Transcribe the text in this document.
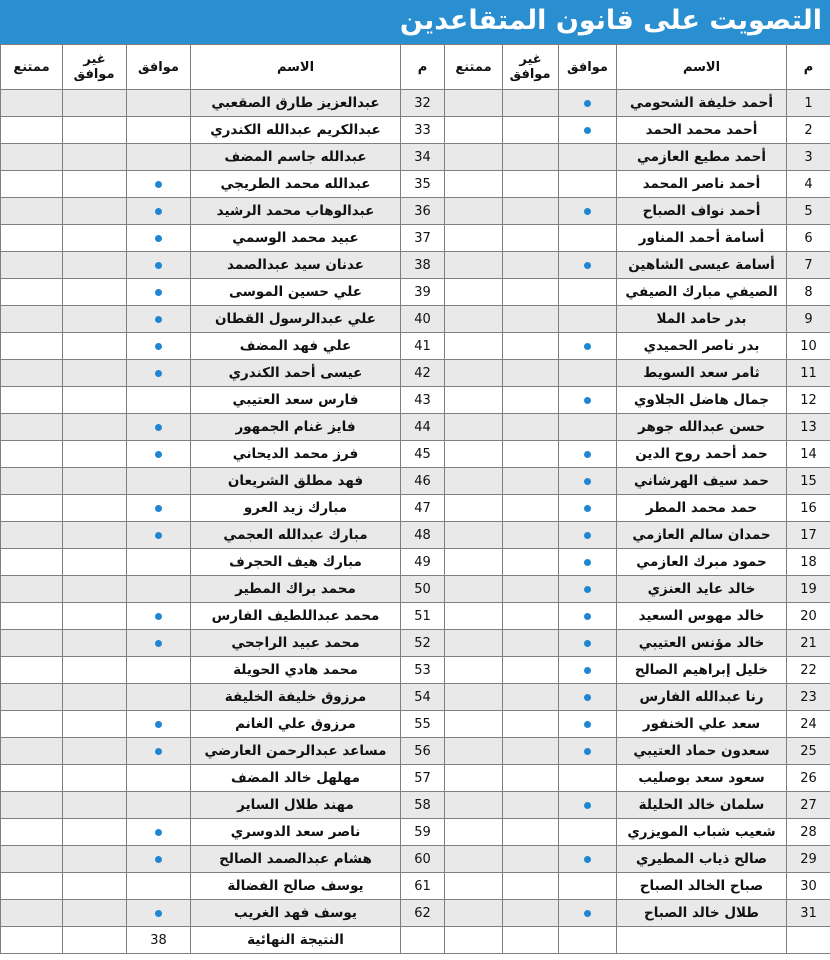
التصويت على قانون المتقاعدين
م	الاسم	موافق	غير موافق	ممتنع	م	الاسم	موافق	غير موافق	ممتنع
1	أحمد خليفة الشحومي				32	عبدالعزيز طارق الصقعبي			
2	أحمد محمد الحمد				33	عبدالكريم عبدالله الكندري			
3	أحمد مطيع العازمي				34	عبدالله جاسم المضف			
4	أحمد ناصر المحمد				35	عبدالله محمد الطريجي			
5	أحمد نواف الصباح				36	عبدالوهاب محمد الرشيد			
6	أسامة أحمد المناور				37	عبيد محمد الوسمي			
7	أسامة عيسى الشاهين				38	عدنان سيد عبدالصمد			
8	الصيفي مبارك الصيفي				39	علي حسين الموسى			
9	بدر حامد الملا				40	علي عبدالرسول القطان			
10	بدر ناصر الحميدي				41	علي فهد المضف			
11	ثامر سعد السويط				42	عيسى أحمد الكندري			
12	جمال هاضل الجلاوي				43	فارس سعد العتيبي			
13	حسن عبدالله جوهر				44	فايز غنام الجمهور			
14	حمد أحمد روح الدين				45	فرز محمد الديحاني			
15	حمد سيف الهرشاني				46	فهد مطلق الشريعان			
16	حمد محمد المطر				47	مبارك زيد العرو			
17	حمدان سالم العازمي				48	مبارك عبدالله العجمي			
18	حمود مبرك العازمي				49	مبارك هيف الحجرف			
19	خالد عايد العنزي				50	محمد براك المطير			
20	خالد مهوس السعيد				51	محمد عبداللطيف الفارس			
21	خالد مؤنس العتيبي				52	محمد عبيد الراجحي			
22	خليل إبراهيم الصالح				53	محمد هادي الحويلة			
23	رنا عبدالله الفارس				54	مرزوق خليفة الخليفة			
24	سعد علي الخنفور				55	مرزوق علي الغانم			
25	سعدون حماد العتيبي				56	مساعد عبدالرحمن العارضي			
26	سعود سعد بوصليب				57	مهلهل خالد المضف			
27	سلمان خالد الحليلة				58	مهند طلال الساير			
28	شعيب شباب المويزري				59	ناصر سعد الدوسري			
29	صالح ذياب المطيري				60	هشام عبدالصمد الصالح			
30	صباح الخالد الصباح				61	يوسف صالح الفضالة			
31	طلال خالد الصباح				62	يوسف فهد الغريب			
						النتيجة النهائية	38		
